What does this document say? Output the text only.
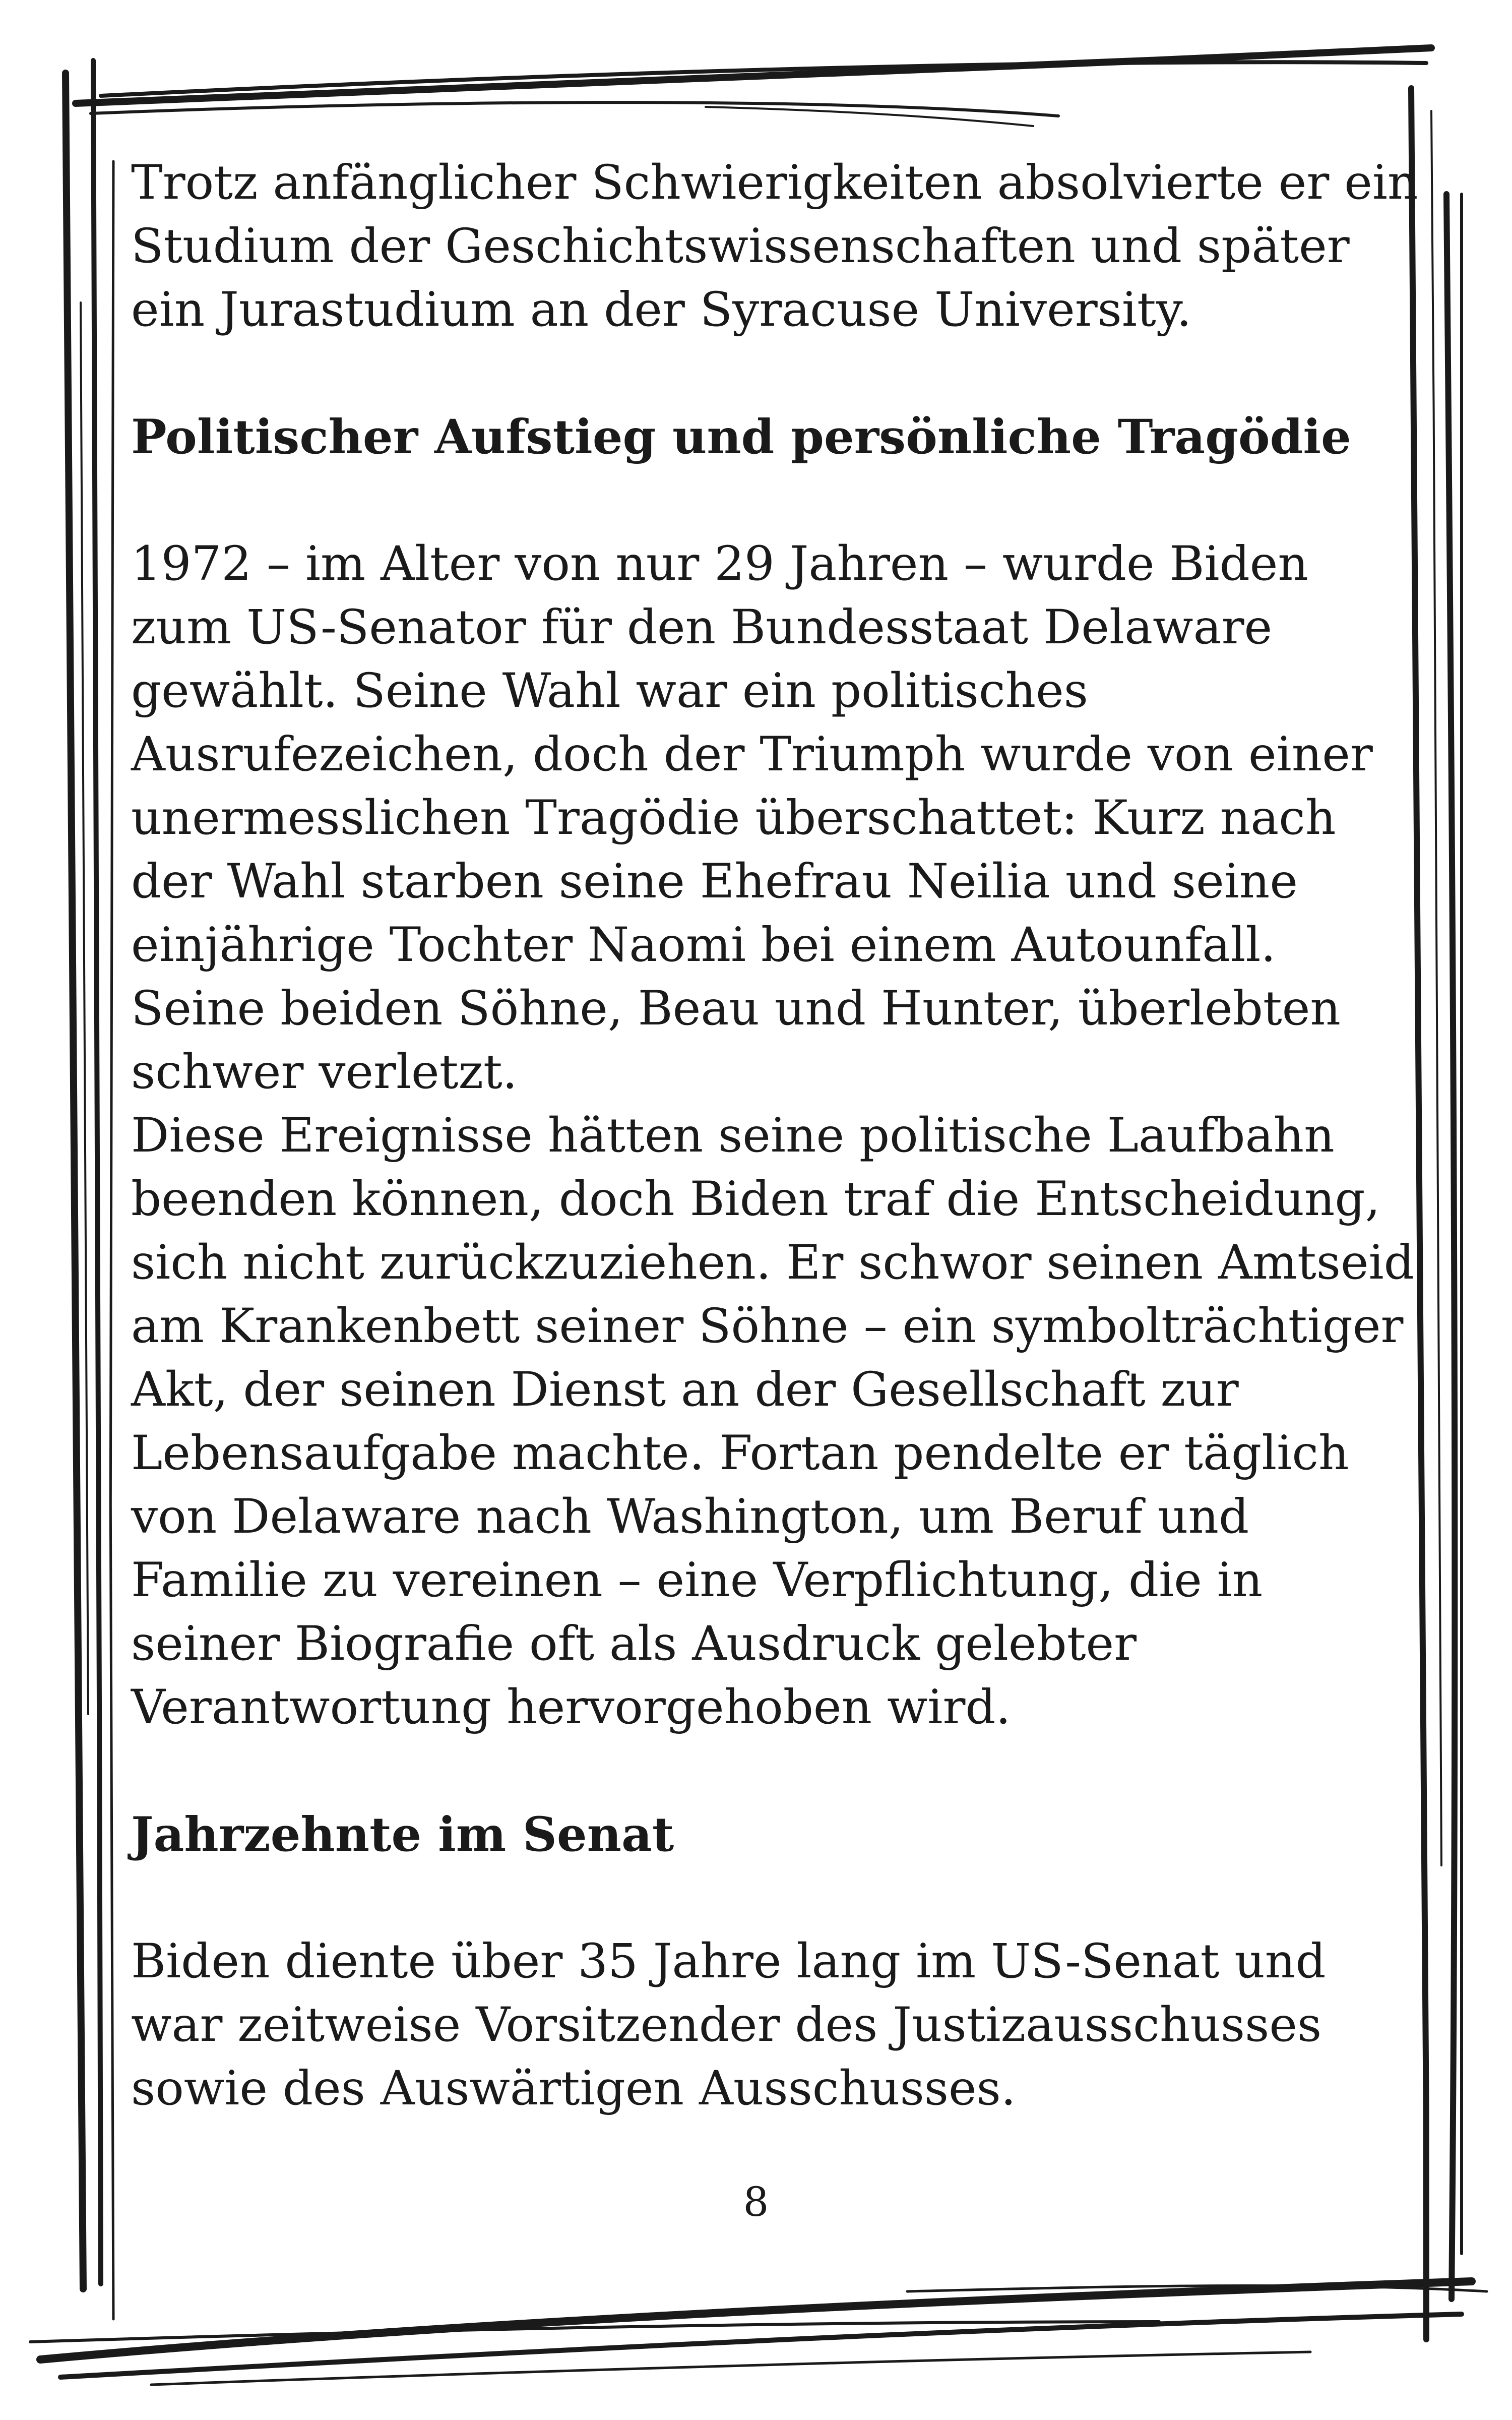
Trotz anfänglicher Schwierigkeiten absolvierte er ein Studium der Geschichtswissenschaften und später ein Jurastudium an der Syracuse University.

Politischer Aufstieg und persönliche Tragödie

1972 – im Alter von nur 29 Jahren – wurde Biden zum US-Senator für den Bundesstaat Delaware gewählt. Seine Wahl war ein politisches Ausrufezeichen, doch der Triumph wurde von einer unermesslichen Tragödie überschattet: Kurz nach der Wahl starben seine Ehefrau Neilia und seine einjährige Tochter Naomi bei einem Autounfall. Seine beiden Söhne, Beau und Hunter, überlebten schwer verletzt.

Diese Ereignisse hätten seine politische Laufbahn beenden können, doch Biden traf die Entscheidung, sich nicht zurückzuziehen. Er schwor seinen Amtseid am Krankenbett seiner Söhne – ein symbolträchtiger Akt, der seinen Dienst an der Gesellschaft zur Lebensaufgabe machte. Fortan pendelte er täglich von Delaware nach Washington, um Beruf und Familie zu vereinen – eine Verpflichtung, die in seiner Biografie oft als Ausdruck gelebter Verantwortung hervorgehoben wird.

Jahrzehnte im Senat

Biden diente über 35 Jahre lang im US-Senat und war zeitweise Vorsitzender des Justizausschusses sowie des Auswärtigen Ausschusses.

8
